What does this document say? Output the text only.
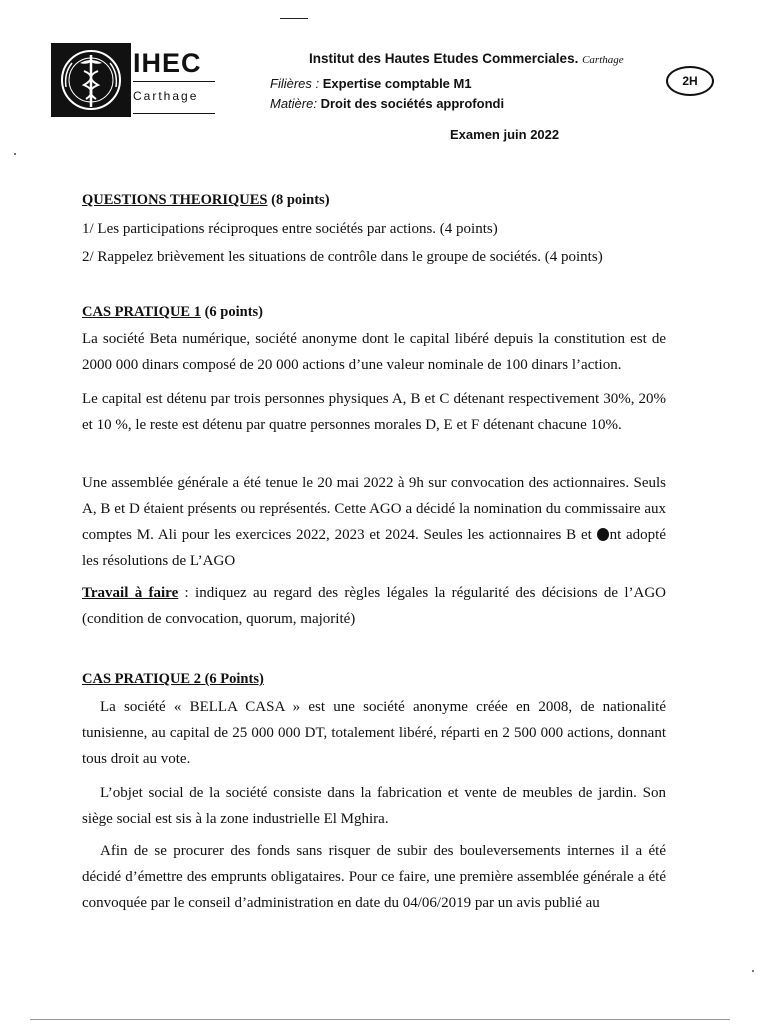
IHEC
Carthage
Institut des Hautes Etudes Commerciales. Carthage
Filières : Expertise comptable M1
Matière: Droit des sociétés approfondi
Examen juin 2022
2H
QUESTIONS THEORIQUES (8 points)
1/ Les participations réciproques entre sociétés par actions. (4 points)
2/ Rappelez brièvement les situations de contrôle dans le groupe de sociétés. (4 points)
CAS PRATIQUE 1 (6 points)
La société Beta numérique, société anonyme dont le capital libéré depuis la constitution est de 2000 000 dinars composé de 20 000 actions d’une valeur nominale de 100 dinars l’action.
Le capital est détenu par trois personnes physiques A, B et C détenant respectivement 30%, 20% et 10 %, le reste est détenu par quatre personnes morales D, E et F détenant chacune 10%.
Une assemblée générale a été tenue le 20 mai 2022 à 9h sur convocation des actionnaires. Seuls A, B et D étaient présents ou représentés. Cette AGO a décidé la nomination du commissaire aux comptes M. Ali pour les exercices 2022, 2023 et 2024. Seules les actionnaires B et nt adopté les résolutions de L’AGO
Travail à faire : indiquez au regard des règles légales la régularité des décisions de l’AGO (condition de convocation, quorum, majorité)
CAS PRATIQUE 2 (6 Points)
La société « BELLA CASA » est une société anonyme créée en 2008, de nationalité tunisienne, au capital de 25 000 000 DT, totalement libéré, réparti en 2 500 000 actions, donnant tous droit au vote.
L’objet social de la société consiste dans la fabrication et vente de meubles de jardin. Son siège social est sis à la zone industrielle El Mghira.
Afin de se procurer des fonds sans risquer de subir des bouleversements internes il a été décidé d’émettre des emprunts obligataires. Pour ce faire, une première assemblée générale a été convoquée par le conseil d’administration en date du 04/06/2019 par un avis publié au
